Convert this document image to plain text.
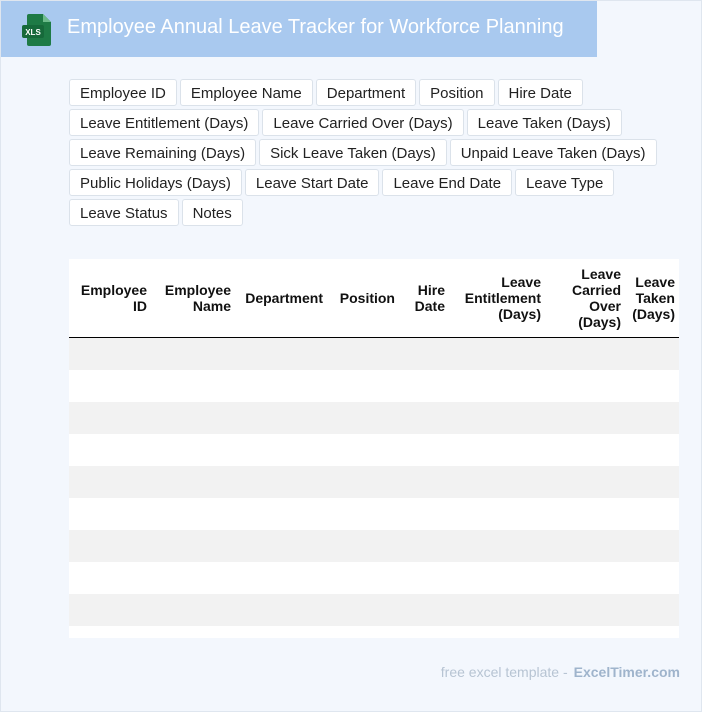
XLS Employee Annual Leave Tracker for Workforce Planning
Employee ID	Employee Name	Department	Position	Hire Date
Leave Entitlement (Days)	Leave Carried Over (Days)	Leave Taken (Days)
Leave Remaining (Days)	Sick Leave Taken (Days)	Unpaid Leave Taken (Days)
Public Holidays (Days)	Leave Start Date	Leave End Date	Leave Type
Leave Status	Notes
Employee ID	Employee Name	Department	Position	Hire Date	Leave Entitlement (Days)	Leave Carried Over (Days)	Leave Taken (Days)

free excel template - ExcelTimer.com
